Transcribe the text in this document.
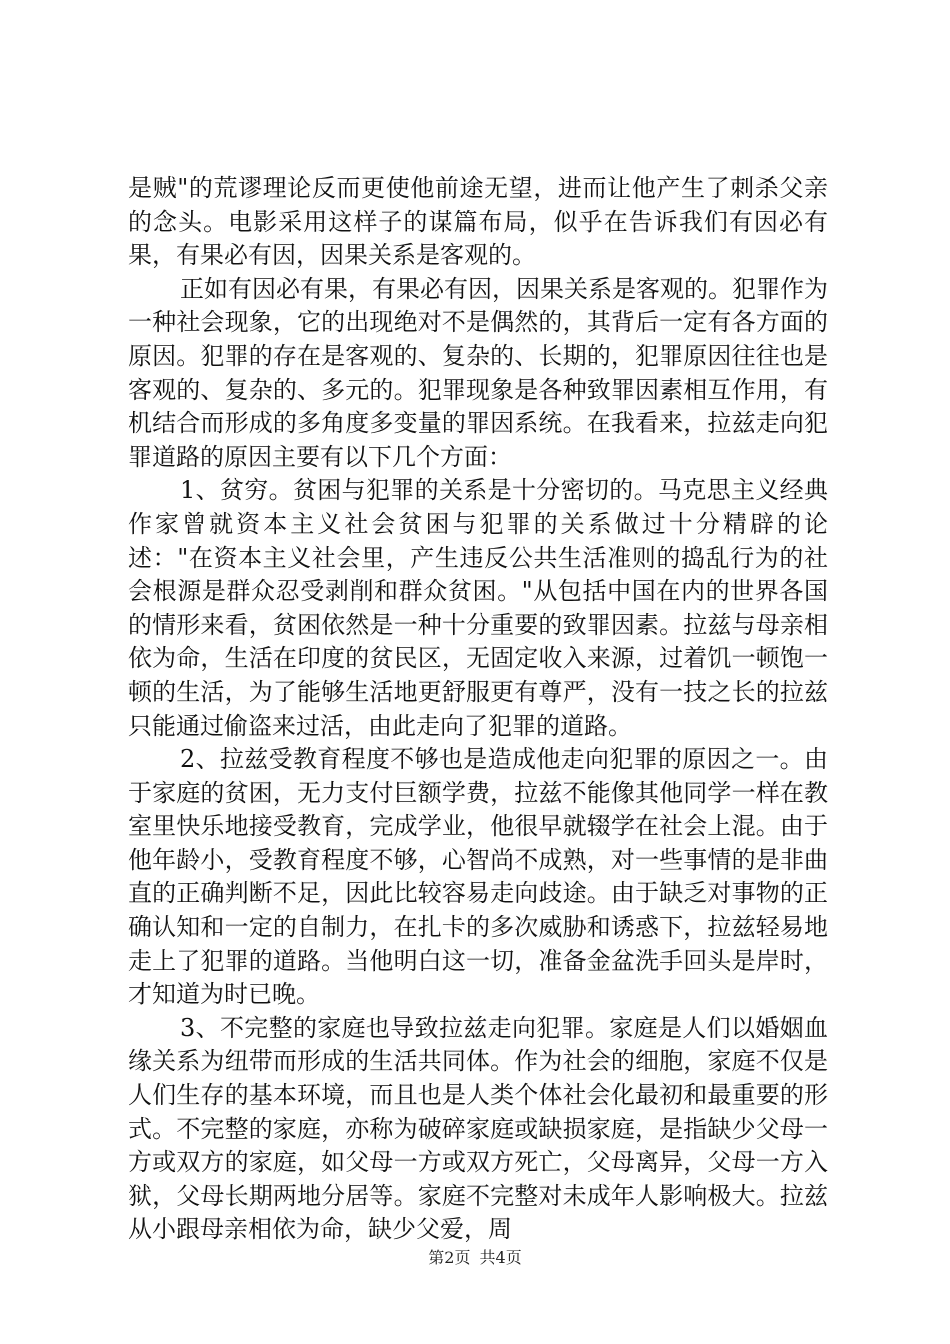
是贼"的荒谬理论反而更使他前途无望，进而让他产生了刺杀父亲的念头。电影采用这样子的谋篇布局，似乎在告诉我们有因必有果，有果必有因，因果关系是客观的。

正如有因必有果，有果必有因，因果关系是客观的。犯罪作为一种社会现象，它的出现绝对不是偶然的，其背后一定有各方面的原因。犯罪的存在是客观的、复杂的、长期的，犯罪原因往往也是客观的、复杂的、多元的。犯罪现象是各种致罪因素相互作用，有机结合而形成的多角度多变量的罪因系统。在我看来，拉兹走向犯罪道路的原因主要有以下几个方面：

1、贫穷。贫困与犯罪的关系是十分密切的。马克思主义经典作家曾就资本主义社会贫困与犯罪的关系做过十分精辟的论述："在资本主义社会里，产生违反公共生活准则的捣乱行为的社会根源是群众忍受剥削和群众贫困。"从包括中国在内的世界各国的情形来看，贫困依然是一种十分重要的致罪因素。拉兹与母亲相依为命，生活在印度的贫民区，无固定收入来源，过着饥一顿饱一顿的生活，为了能够生活地更舒服更有尊严，没有一技之长的拉兹只能通过偷盗来过活，由此走向了犯罪的道路。

2、拉兹受教育程度不够也是造成他走向犯罪的原因之一。由于家庭的贫困，无力支付巨额学费，拉兹不能像其他同学一样在教室里快乐地接受教育，完成学业，他很早就辍学在社会上混。由于他年龄小，受教育程度不够，心智尚不成熟，对一些事情的是非曲直的正确判断不足，因此比较容易走向歧途。由于缺乏对事物的正确认知和一定的自制力，在扎卡的多次威胁和诱惑下，拉兹轻易地走上了犯罪的道路。当他明白这一切，准备金盆洗手回头是岸时，才知道为时已晚。

3、不完整的家庭也导致拉兹走向犯罪。家庭是人们以婚姻血缘关系为纽带而形成的生活共同体。作为社会的细胞，家庭不仅是人们生存的基本环境，而且也是人类个体社会化最初和最重要的形式。不完整的家庭，亦称为破碎家庭或缺损家庭，是指缺少父母一方或双方的家庭，如父母一方或双方死亡，父母离异，父母一方入狱，父母长期两地分居等。家庭不完整对未成年人影响极大。拉兹从小跟母亲相依为命，缺少父爱，周

第2页 共4页
